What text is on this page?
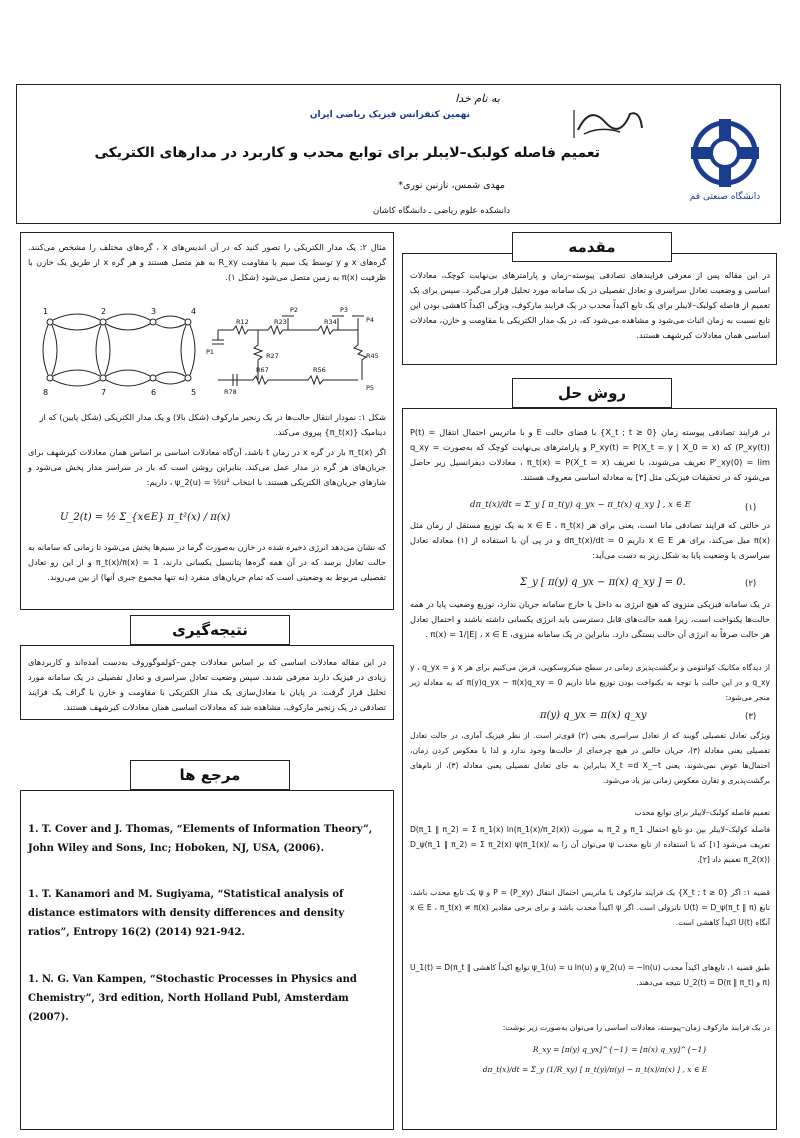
به نام خدا
نهمین کنفرانس فیزیک ریاضی ایران
تعمیم فاصله کولبک–لایبلر برای توابع محدب و کاربرد در مدارهای الکتریکی
مهدی شمس، نازنین نوری*
دانشکده علوم ریاضی ـ دانشگاه کاشان
دانشگاه صنعتی قم
مقدمه
در این مقاله پس از معرفی فرایندهای تصادفی پیوسته–زمان و پارامترهای بی‌نهایت کوچک، معادلات اساسی و وضعیت تعادل سراسری و تعادل تفصیلی در یک سامانه مورد تحلیل قرار می‌گیرد. سپس برای یک تعمیم از فاصله کولبک–لایبلر برای یک تابع اکیداً محدب در یک فرایند مارکوف، ویژگی اکیداً کاهشی بودن این تابع نسبت به زمان اثبات می‌شود و مشاهده می‌شود که، در یک مدار الکتریکی با مقاومت و خازن، معادلات اساسی همان معادلات کیرشهف هستند.
روش حل
در فرایند تصادفی پیوسته زمان {X_t ; t ≥ 0} با فضای حالت E و با ماتریس احتمال انتقال P(t) = (P_xy(t)) که P_xy(t) = P(X_t = y | X_0 = x) و پارامترهای بی‌نهایت کوچک که به‌صورت q_xy = P'_xy(0) = lim تعریف می‌شوند، با تعریف π_t(x) = P(X_t = x) ، معادلات دیفرانسیل زیر حاصل می‌شود که در تحقیقات فیزیکی مثل [۳] به معادله اساسی معروف هستند.
dπ_t(x)/dt = Σ_y [ π_t(y) q_yx − π_t(x) q_xy ] , x ∈ E	(۱)
در حالتی که فرایند تصادفی مانا است، یعنی برای هر x ∈ E ، π_t(x) به یک توزیع مستقل از زمان مثل π(x) میل می‌کند، برای هر x ∈ E داریم dπ_t(x)/dt = 0 و در پی آن با استفاده از (۱) معادله تعادل سراسری یا وضعیت پایا به شکل زیر به دست می‌آید:
Σ_y [ π(y) q_yx − π(x) q_xy ] = 0.	(۲)
در یک سامانه فیزیکی منزوی که هیچ انرژی به داخل یا خارج سامانه جریان ندارد، توزیع وضعیت پایا در همه حالت‌ها یکنواخت است، زیرا همه حالت‌های قابل دسترسی باید انرژی یکسانی داشته باشند و احتمال تعادل هر حالت صرفاً به انرژی آن حالت بستگی دارد. بنابراین در یک سامانه منزوی، π(x) = 1/|E| ، x ∈ E .
از دیدگاه مکانیک کوانتومی و برگشت‌پذیری زمانی در سطح میکروسکوپی، فرض می‌کنیم برای هر x و y ، q_yx = q_xy و در این حالت با توجه به یکنواخت بودن توزیع مانا داریم π(y)q_yx − π(x)q_xy = 0 که به معادله زیر منجر می‌شود:
π(y) q_yx = π(x) q_xy	(۳)
ویژگی تعادل تفصیلی گویند که از تعادل سراسری یعنی (۲) قوی‌تر است. از نظر فیزیک آماری، در حالت تعادل تفصیلی یعنی معادله (۳)، جریان خالص در هیچ چرخه‌ای از حالت‌ها وجود ندارد و لذا با معکوس کردن زمان، احتمال‌ها عوض نمی‌شوند، یعنی X_t =d X_−t بنابراین به جای تعادل تفصیلی یعنی معادله (۳)، از نام‌های برگشت‌پذیری و تقارن معکوس زمانی نیز یاد می‌شود.
تعمیم فاصله کولبک–لایبلر برای توابع محدب
فاصله کولبک–لایبلر بین دو تابع احتمال π_1 و π_2 به صورت D(π_1 ‖ π_2) = Σ π_1(x) ln(π_1(x)/π_2(x)) تعریف می‌شود [۱] که با استفاده از تابع محدب ψ می‌توان آن را به D_ψ(π_1 ‖ π_2) = Σ π_2(x) ψ(π_1(x)/π_2(x)) تعمیم داد [۲].
قضیه ۱: اگر {X_t ; t ≥ 0} یک فرایند مارکوف با ماتریس احتمال انتقال P = (P_xy) و ψ یک تابع محدب باشد، تابع U(t) = D_ψ(π_t ‖ π) نانزولی است. اگر ψ اکیداً محدب باشد و برای برخی مقادیر x ∈ E ، π_t(x) ≠ π(x) آنگاه U(t) اکیداً کاهشی است.
طبق قضیه ۱، تابع‌های اکیداً محدب ψ_2(u) = −ln(u) و ψ_1(u) = u ln(u) توابع اکیداً کاهشی U_1(t) = D(π_t ‖ π) و U_2(t) = D(π ‖ π_t) نتیجه می‌دهند.
در یک فرایند مارکوف زمان‌–پیوسته، معادلات اساسی را می‌توان به‌صورت زیر نوشت:
R_xy = [π(y) q_yx]^{−1} = [π(x) q_xy]^{−1}
dπ_t(x)/dt = Σ_y (1/R_xy) [ π_t(y)/π(y) − π_t(x)/π(x) ] , x ∈ E
مثال ۲: یک مدار الکتریکی را تصور کنید که در آن اندیس‌های x ، گره‌های مختلف را مشخص می‌کنند. گره‌های x و y توسط یک سیم با مقاومت R_xy به هم متصل هستند و هر گره x از طریق یک خازن با ظرفیت π(x) به زمین متصل می‌شود (شکل ۱).
1	2	3	4
5
6
7
8
R12	R23	R34
P1
P2	P3
P4
R27	R45
R67	R56
R78	P5
شکل ۱: نمودار انتقال حالت‌ها در یک زنجیر مارکوف (شکل بالا) و یک مدار الکتریکی (شکل پایین) که از دینامیک {π_t(x)} پیروی می‌کند.
اگر π_t(x) بار در گره x در زمان t باشد، آن‌گاه معادلات اساسی بر اساس همان معادلات کیرشهف برای جریان‌های هر گره در مدار عمل می‌کند. بنابراین روشن است که بار در سراسر مدار پخش می‌شود و شارهای جریان‌های الکتریکی هستند. با انتخاب ψ_2(u) = ½u² ، داریم:
U_2(t) = ½ Σ_{x∈E} π_t²(x) / π(x)
که نشان می‌دهد انرژی ذخیره شده در خازن به‌صورت گرما در سیم‌ها پخش می‌شود تا زمانی که سامانه به حالت تعادل برسد که در آن همه گره‌ها پتانسیل یکسانی دارند، π_t(x)/π(x) = 1 و از این رو تعادل تفصیلی مربوط به وضعیتی است که تمام جریان‌های منفرد (نه تنها مجموع جبری آنها) از بین می‌روند.
نتیجه‌گیری
در این مقاله معادلات اساسی که بر اساس معادلات چمن–کولموگوروف به‌دست آمده‌اند و کاربردهای زیادی در فیزیک دارند معرفی شدند. سپس وضعیت تعادل سراسری و تعادل تفصیلی در یک سامانه مورد تحلیل قرار گرفت. در پایان با معادل‌سازی یک مدار الکتریکی با مقاومت و خازن با گراف یک فرایند تصادفی در یک زنجیر مارکوف، مشاهده شد که معادلات اساسی همان معادلات کیرشهف هستند.
مرجع ها
1. T. Cover and J. Thomas, “Elements of Information Theory”, John Wiley and Sons, Inc; Hoboken, NJ, USA, (2006).
1. T. Kanamori and M. Sugiyama, “Statistical analysis of distance estimators with density differences and density ratios”, Entropy 16(2) (2014) 921-942.
1. N. G. Van Kampen, “Stochastic Processes in Physics and Chemistry”, 3rd edition, North Holland Publ, Amsterdam (2007).
